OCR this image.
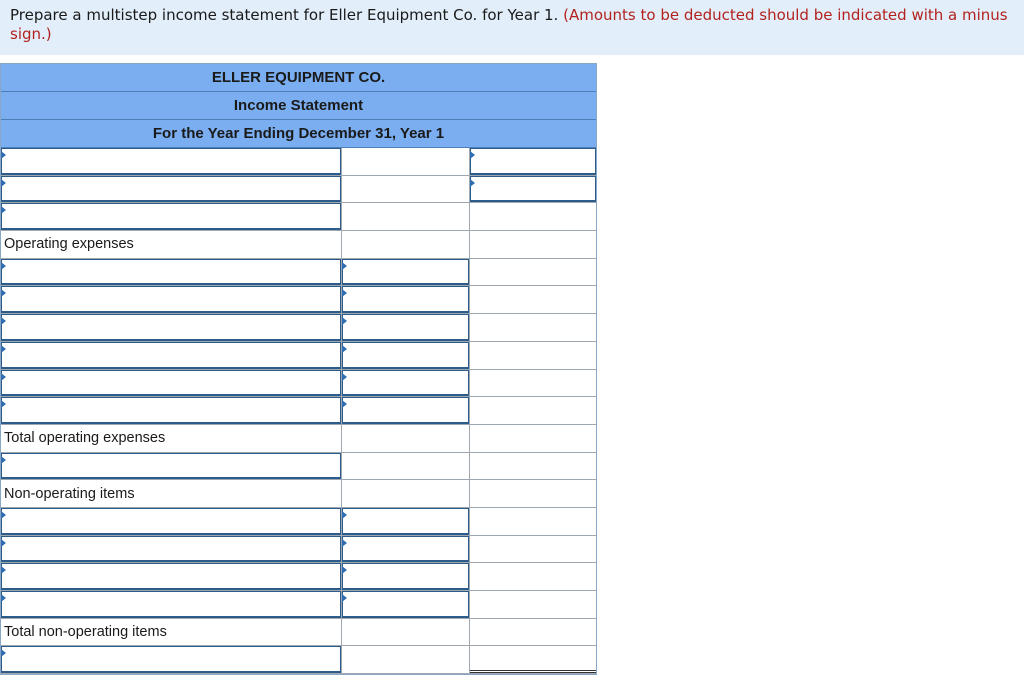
Prepare a multistep income statement for Eller Equipment Co. for Year 1. (Amounts to be deducted should be indicated with a minus sign.)
ELLER EQUIPMENT CO.
Income Statement
For the Year Ending December 31, Year 1
Operating expenses
Total operating expenses
Non-operating items
Total non-operating items
